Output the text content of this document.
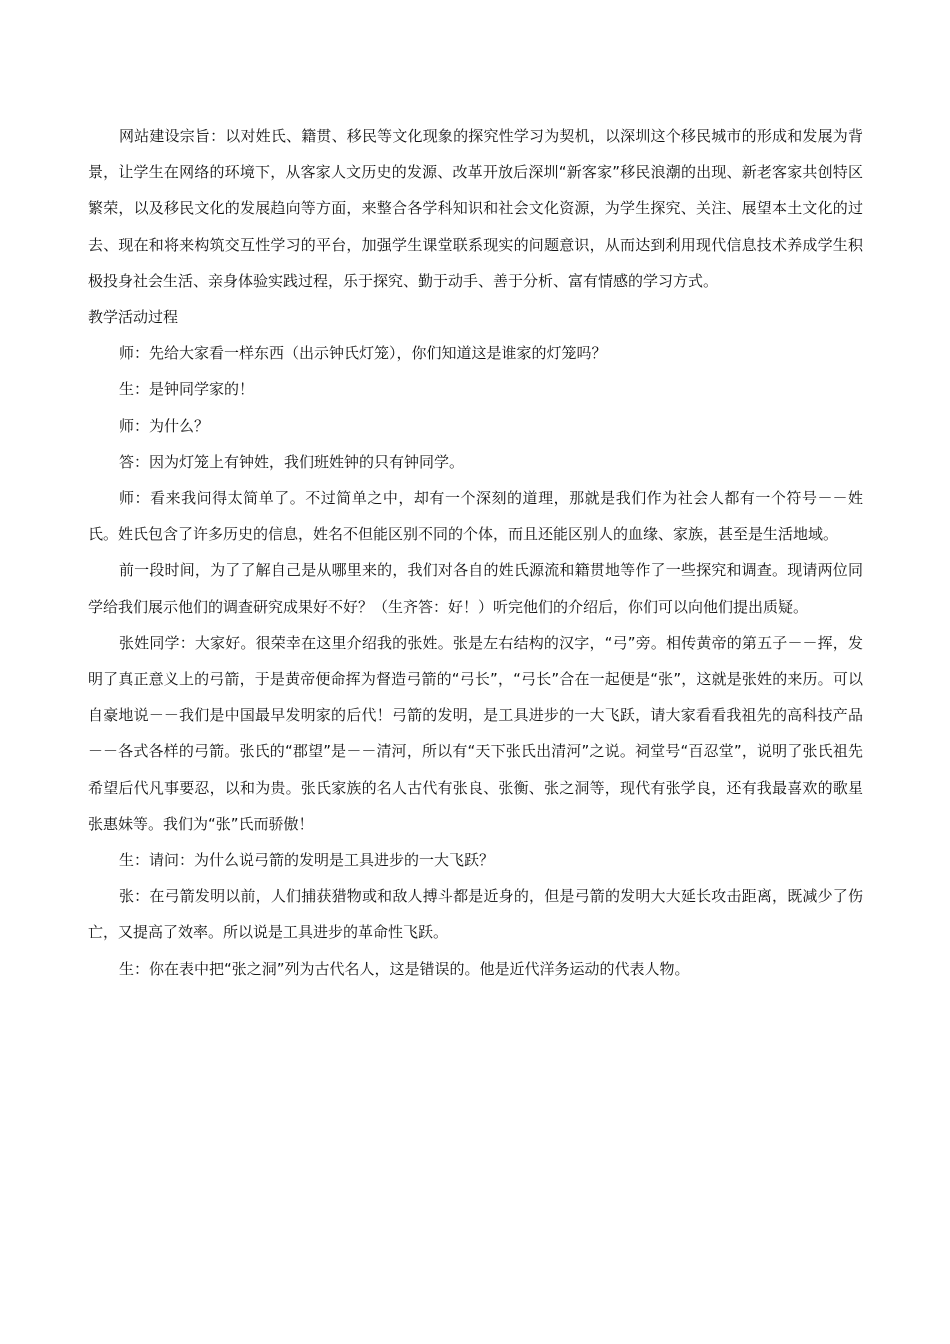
网站建设宗旨：以对姓氏、籍贯、移民等文化现象的探究性学习为契机，以深圳这个移民城市的形成和发展为背景，让学生在网络的环境下，从客家人文历史的发源、改革开放后深圳“新客家”移民浪潮的出现、新老客家共创特区繁荣，以及移民文化的发展趋向等方面，来整合各学科知识和社会文化资源，为学生探究、关注、展望本土文化的过去、现在和将来构筑交互性学习的平台，加强学生课堂联系现实的问题意识，从而达到利用现代信息技术养成学生积极投身社会生活、亲身体验实践过程，乐于探究、勤于动手、善于分析、富有情感的学习方式。

教学活动过程

师：先给大家看一样东西（出示钟氏灯笼），你们知道这是谁家的灯笼吗？

生：是钟同学家的！

师：为什么？

答：因为灯笼上有钟姓，我们班姓钟的只有钟同学。

师：看来我问得太简单了。不过简单之中，却有一个深刻的道理，那就是我们作为社会人都有一个符号－－姓氏。姓氏包含了许多历史的信息，姓名不但能区别不同的个体，而且还能区别人的血缘、家族，甚至是生活地域。

前一段时间，为了了解自己是从哪里来的，我们对各自的姓氏源流和籍贯地等作了一些探究和调查。现请两位同学给我们展示他们的调查研究成果好不好？（生齐答：好！）听完他们的介绍后，你们可以向他们提出质疑。

张姓同学：大家好。很荣幸在这里介绍我的张姓。张是左右结构的汉字，“弓”旁。相传黄帝的第五子－－挥，发明了真正意义上的弓箭，于是黄帝便命挥为督造弓箭的“弓长”，“弓长”合在一起便是“张”，这就是张姓的来历。可以自豪地说－－我们是中国最早发明家的后代！弓箭的发明，是工具进步的一大飞跃，请大家看看我祖先的高科技产品－－各式各样的弓箭。张氏的“郡望”是－－清河，所以有“天下张氏出清河”之说。祠堂号“百忍堂”，说明了张氏祖先希望后代凡事要忍，以和为贵。张氏家族的名人古代有张良、张衡、张之洞等，现代有张学良，还有我最喜欢的歌星张惠妹等。我们为“张”氏而骄傲！

生：请问：为什么说弓箭的发明是工具进步的一大飞跃？

张：在弓箭发明以前，人们捕获猎物或和敌人搏斗都是近身的，但是弓箭的发明大大延长攻击距离，既减少了伤亡，又提高了效率。所以说是工具进步的革命性飞跃。

生：你在表中把“张之洞”列为古代名人，这是错误的。他是近代洋务运动的代表人物。
